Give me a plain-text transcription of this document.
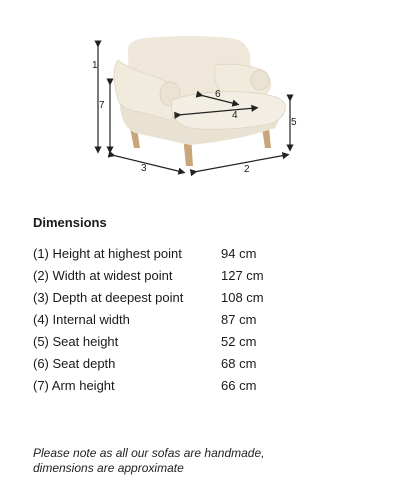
1
2
3
4
5
6
7
Dimensions
(1) Height at highest point	94 cm
(2) Width at widest point	127 cm
(3) Depth at deepest point	108 cm
(4) Internal width	87 cm
(5) Seat height	52 cm
(6) Seat depth	68 cm
(7) Arm height	66 cm

Please note as all our sofas are handmade,
dimensions are approximate
